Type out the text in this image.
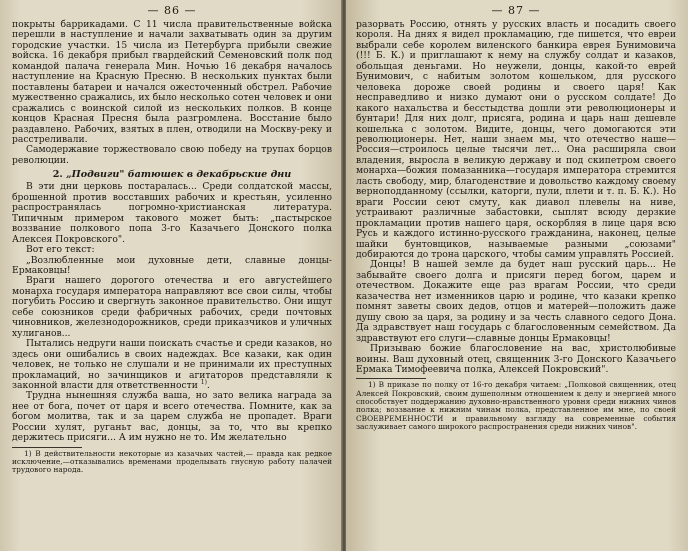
— 86 —

покрыты баррикадами. С 11 числа правительственные войска перешли в наступление и начали захватывать один за другим городские участки. 15 числа из Петербурга прибыли свежие войска. 16 декабря прибыл гвардейский Семеновский полк под командой палача генерала Мин. Ночью 16 декабря началось наступление на Красную Пресню. В нескольких пунктах были поставлены батареи и начался ожесточенный обстрел. Рабочие мужественно сражались, их было несколько сотен человек и они сражались с воинской силой из нескольких полков. В конце концов Красная Пресня была разгромлена. Восстание было раздавлено. Рабочих, взятых в плен, отводили на Москву-реку и расстреливали.

Самодержавие торжествовало свою победу на трупах борцов революции.

2. „Подвиги" батюшек в декабрьские дни

В эти дни церковь постаралась... Среди солдатской массы, брошенной против восставших рабочих и крестьян, усиленно распространялась погромно-христианская литература. Типичным примером такового может быть: „пастырское воззвание полкового попа 3-го Казачьего Донского полка Алексея Покровского".

Вот его текст:

„Возлюбленные мои духовные дети, славные донцы-Ермаковцы!

Враги нашего дорогого отечества и его августейшего монарха государя императора направляют все свои силы, чтобы погубить Россию и свергнуть законное правительство. Они ищут себе союзников среди фабричных рабочих, среди почтовых чиновников, железнодорожников, среди приказчиков и уличных хулиганов...

Пытались недруги наши поискать счастье и среди казаков, но здесь они ошибались в своих надеждах. Все казаки, как один человек, не только не слушали и не принимали их преступных прокламаций, но зачинщиков и агитаторов представляли к законной власти для ответственности $^{1)}$.

Трудна нынешняя служба ваша, но зато велика награда за нее от бога, почет от царя и всего отечества. Помните, как за богом молитва, так и за царем служба не пропадет. Враги России хулят, руганьт вас, донцы, за то, что вы крепко держитесь присяги... А им нужно не то. Им желательно

1) В действительности некоторые из казачьих частей,— правда как редкое исключение,—отказывались временами проделывать гнусную работу палачей трудового народа.

— 87 —

разорвать Россию, отнять у русских власть и посадить своего короля. На днях я видел прокламацию, где пишется, что евреи выбрали себе королем виленского банкира еврея Бунимовича (!!! Б. К.) и приглашают к нему на службу солдат и казаков, обольщая деньгами. Но неужели, донцы, какой-то еврей Бунимович, с набитым золотом кошельком, для русского человека дороже своей родины и своего царя! Как несправедливо и низко думают они о русском солдате! До какого нахальства и бесстыдства дошли эти революционеры и бунтари! Для них долг, присяга, родина и царь наш дешевле кошелька с золотом. Видите, донцы, чего домогаются эти революционеры. Нет, наши знаем мы, что отечество наше—Россия—строилось целые тысячи лет... Она расширяла свои владения, выросла в великую державу и под скипетром своего монарха—божия помазанника—государя императора стремится ласть свободу, мир, благоденствие и довольство каждому своему верноподданному (ссылки, каторги, пули, плети и т. п. Б. К.). Но враги России сеют смуту, как диавол плевелы на ниве, устраивают различные забастовки, сыплят всюду дерзкие прокламации против нашего царя, оскорбляя в лице царя всю Русь и каждого истинно-русского гражданина, наконец, целые шайки бунтовщиков, называемые разными „союзами" добираются до трона царского, чтобы самим управлять Россией.

Донцы! В нашей земле да будет наш русский царь... Не забывайте своего долга и присяги перед богом, царем и отечеством. Докажите еще раз врагам России, что среди казачества нет изменников царю и родине, что казаки крепко помнят заветы своих дедов, отцов и матерей—положить даже душу свою за царя, за родину и за честь славного седого Дона. Да здравствует наш государь с благословенным семейством. Да здравствуют его слуги—славные донцы Ермаковцы!

Призываю божие благословение на вас, христолюбивые воины. Ваш духовный отец, священник 3-го Донского Казачьего Ермака Тимофеевича полка, Алексей Покровский".

1) В приказе по полку от 16-го декабря читаем: „Полковой священник, отец Алексей Покровский, своим душеполным отношением к делу и энергией много способствует поддержанию духовно-нравственного уровня среди нижних чинов полка; воззвание к нижним чинам полка, представленное им мне, по своей СВОЕВРЕМЕННОСТИ и правильному взгляду на современные события заслуживает самого широкого распространения среди нижних чинов".
